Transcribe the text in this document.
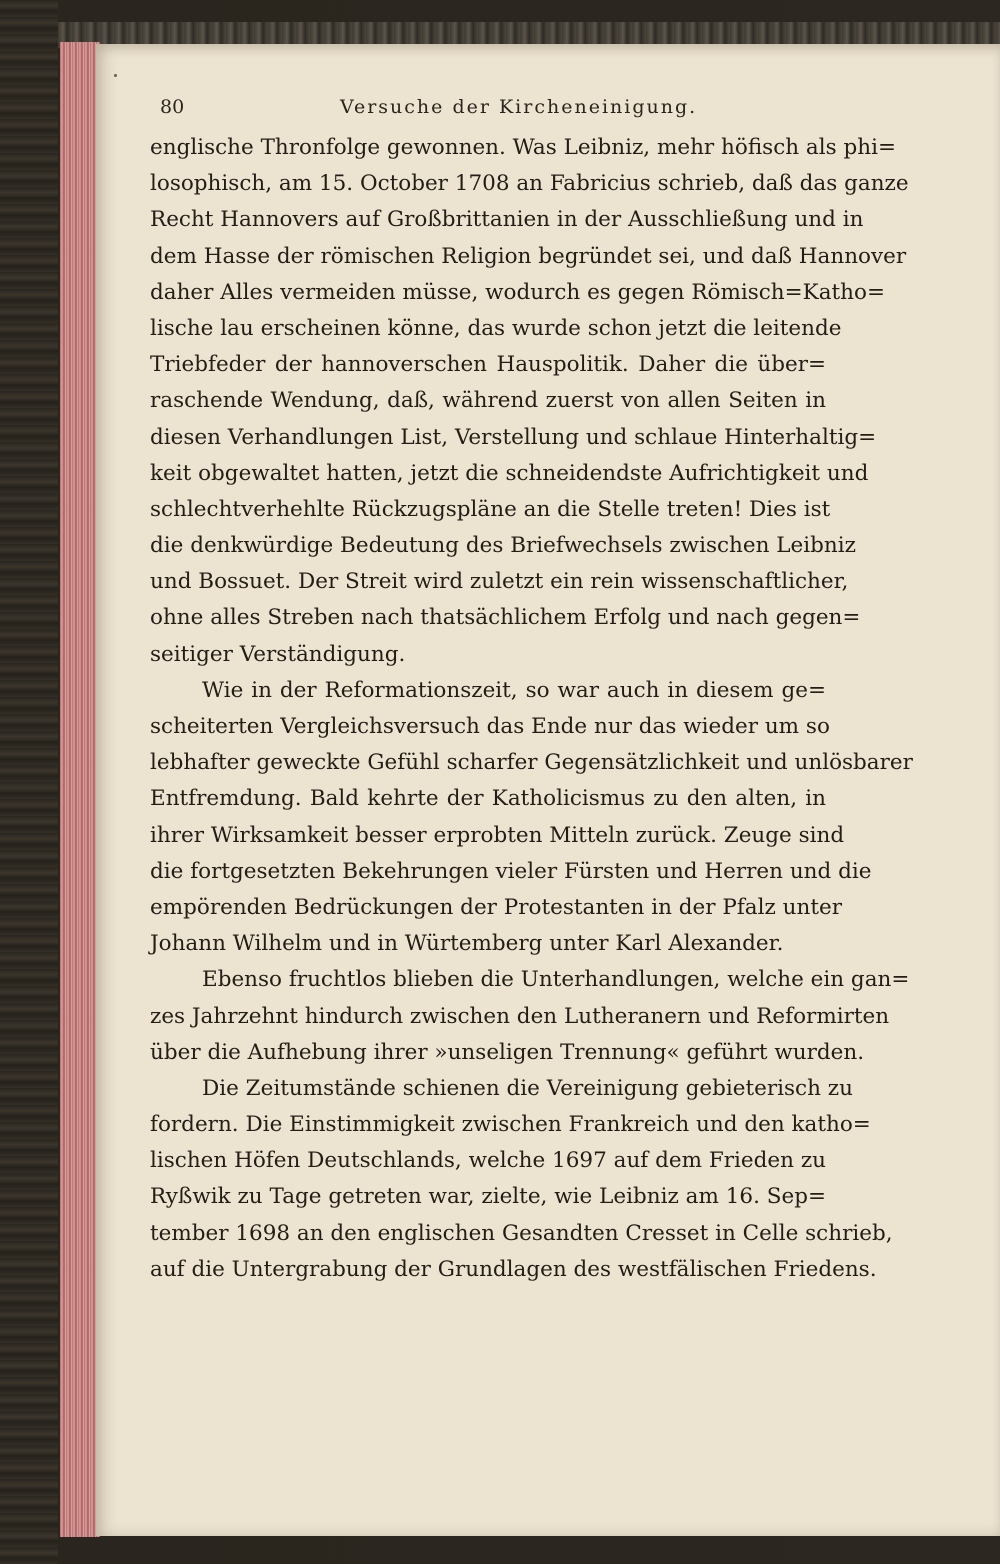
80	Versuche der Kircheneinigung.
englische Thronfolge gewonnen. Was Leibniz, mehr höfisch als phi=
losophisch, am 15. October 1708 an Fabricius schrieb, daß das ganze
Recht Hannovers auf Großbrittanien in der Ausschließung und in
dem Hasse der römischen Religion begründet sei, und daß Hannover
daher Alles vermeiden müsse, wodurch es gegen Römisch=Katho=
lische lau erscheinen könne, das wurde schon jetzt die leitende
Triebfeder der hannoverschen Hauspolitik. Daher die über=
raschende Wendung, daß, während zuerst von allen Seiten in
diesen Verhandlungen List, Verstellung und schlaue Hinterhaltig=
keit obgewaltet hatten, jetzt die schneidendste Aufrichtigkeit und
schlechtverhehlte Rückzugspläne an die Stelle treten! Dies ist
die denkwürdige Bedeutung des Briefwechsels zwischen Leibniz
und Bossuet. Der Streit wird zuletzt ein rein wissenschaftlicher,
ohne alles Streben nach thatsächlichem Erfolg und nach gegen=
seitiger Verständigung.
Wie in der Reformationszeit, so war auch in diesem ge=
scheiterten Vergleichsversuch das Ende nur das wieder um so
lebhafter geweckte Gefühl scharfer Gegensätzlichkeit und unlösbarer
Entfremdung. Bald kehrte der Katholicismus zu den alten, in
ihrer Wirksamkeit besser erprobten Mitteln zurück. Zeuge sind
die fortgesetzten Bekehrungen vieler Fürsten und Herren und die
empörenden Bedrückungen der Protestanten in der Pfalz unter
Johann Wilhelm und in Würtemberg unter Karl Alexander.
Ebenso fruchtlos blieben die Unterhandlungen, welche ein gan=
zes Jahrzehnt hindurch zwischen den Lutheranern und Reformirten
über die Aufhebung ihrer »unseligen Trennung« geführt wurden.
Die Zeitumstände schienen die Vereinigung gebieterisch zu
fordern. Die Einstimmigkeit zwischen Frankreich und den katho=
lischen Höfen Deutschlands, welche 1697 auf dem Frieden zu
Ryßwik zu Tage getreten war, zielte, wie Leibniz am 16. Sep=
tember 1698 an den englischen Gesandten Cresset in Celle schrieb,
auf die Untergrabung der Grundlagen des westfälischen Friedens.
